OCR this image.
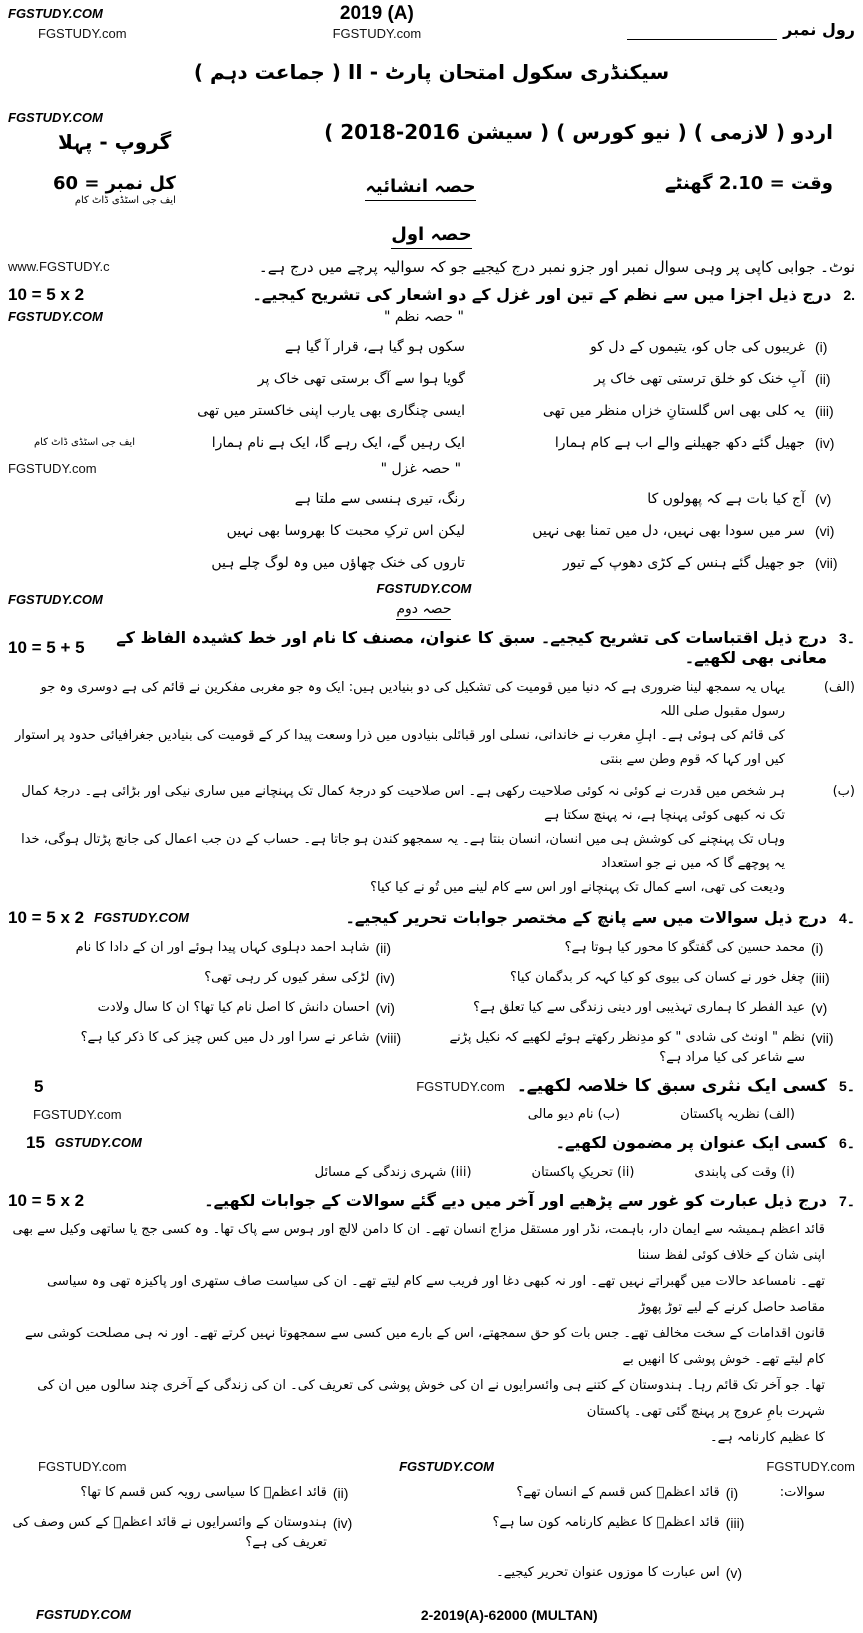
FGSTUDY.COM
FGSTUDY.com
2019 (A)
FGSTUDY.com	رول نمبر
سیکنڈری سکول امتحان پارٹ - II ( جماعت دہم )
FGSTUDY.COM
گروپ - پہلا	اردو ( لازمی ) ( نیو کورس ) ( سیشن 2016-2018 )
کل نمبر = 60
ایف جی اسٹڈی ڈاٹ کام
حصہ انشائیہ	وقت = 2.10 گھنٹے
حصہ اول
www.FGSTUDY.c	نوٹ۔ جوابی کاپی پر وہی سوال نمبر اور جزو نمبر درج کیجیے جو کہ سوالیہ پرچے میں درج ہے۔
2.
درج ذیل اجزا میں سے نظم کے تین اور غزل کے دو اشعار کی تشریح کیجیے۔
10 = 5 x 2
FGSTUDY.COM	" حصہ نظم "
(i)
غریبوں کی جاں کو، یتیموں کے دل کو
سکوں ہو گیا ہے، قرار آ گیا ہے
(ii)
آبِ خنک کو خلق ترستی تھی خاک پر
گویا ہوا سے آگ برستی تھی خاک پر
(iii)
یہ کلی بھی اس گلستانِ خزاں منظر میں تھی
ایسی چنگاری بھی یارب اپنی خاکستر میں تھی
(iv)
جھیل گئے دکھ جھیلنے والے اب ہے کام ہمارا
ایک رہیں گے، ایک رہے گا، ایک ہے نام ہمارا
ایف جی اسٹڈی ڈاٹ کام
FGSTUDY.com	" حصہ غزل "
(v)
آج کیا بات ہے کہ پھولوں کا
رنگ، تیری ہنسی سے ملتا ہے
(vi)
سر میں سودا بھی نہیں، دل میں تمنا بھی نہیں
لیکن اس ترکِ محبت کا بھروسا بھی نہیں
(vii)
جو جھیل گئے ہنس کے کڑی دھوپ کے تیور
تاروں کی خنک چھاؤں میں وہ لوگ چلے ہیں
FGSTUDY.COM
FGSTUDY.COM
حصہ دوم
3۔
درج ذیل اقتباسات کی تشریح کیجیے۔ سبق کا عنوان، مصنف کا نام اور خط کشیدہ الفاظ کے معانی بھی لکھیے۔
10 = 5 + 5
(الف)
یہاں یہ سمجھ لینا ضروری ہے کہ دنیا میں قومیت کی تشکیل کی دو بنیادیں ہیں: ایک وہ جو مغربی مفکرین نے قائم کی ہے دوسری وہ جو رسول مقبول صلی اللہ
کی قائم کی ہوئی ہے۔ اہلِ مغرب نے خاندانی، نسلی اور قبائلی بنیادوں میں ذرا وسعت پیدا کر کے قومیت کی بنیادیں جغرافیائی حدود پر استوار کیں اور کہا کہ قوم وطن سے بنتی
(ب)
ہر شخص میں قدرت نے کوئی نہ کوئی صلاحیت رکھی ہے۔ اس صلاحیت کو درجۂ کمال تک پہنچانے میں ساری نیکی اور بڑائی ہے۔ درجۂ کمال تک نہ کبھی کوئی پہنچا ہے، نہ پہنچ سکتا ہے
وہاں تک پہنچنے کی کوشش ہی میں انسان، انسان بنتا ہے۔ یہ سمجھو کندن ہو جاتا ہے۔ حساب کے دن جب اعمال کی جانچ پڑتال ہوگی، خدا یہ پوچھے گا کہ میں نے جو استعداد
ودیعت کی تھی، اسے کمال تک پہنچانے اور اس سے کام لینے میں تُو نے کیا کیا؟
4۔
درج ذیل سوالات میں سے پانچ کے مختصر جوابات تحریر کیجیے۔
10 = 5 x 2 FGSTUDY.COM
(i)
محمد حسین کی گفتگو کا محور کیا ہوتا ہے؟
(ii)
شاہد احمد دہلوی کہاں پیدا ہوئے اور ان کے دادا کا نام
(iii)
چغل خور نے کسان کی بیوی کو کیا کہہ کر بدگمان کیا؟
(iv)
لڑکی سفر کیوں کر رہی تھی؟
(v)
عید الفطر کا ہماری تہذیبی اور دینی زندگی سے کیا تعلق ہے؟
(vi)
احسان دانش کا اصل نام کیا تھا؟ ان کا سال ولادت
(vii)
نظم " اونٹ کی شادی " کو مدِنظر رکھتے ہوئے لکھیے کہ نکیل پڑنے سے شاعر کی کیا مراد ہے؟
(viii)
شاعر نے سرا اور دل میں کس چیز کی کا ذکر کیا ہے؟
5۔
کسی ایک نثری سبق کا خلاصہ لکھیے۔
FGSTUDY.com
5
FGSTUDY.com	(الف) نظریہ پاکستان
(ب) نام دیو مالی
6۔
کسی ایک عنوان پر مضمون لکھیے۔
15 GSTUDY.COM
(i) وقت کی پابندی
(ii) تحریکِ پاکستان
(iii) شہری زندگی کے مسائل
7۔
درج ذیل عبارت کو غور سے پڑھیے اور آخر میں دیے گئے سوالات کے جوابات لکھیے۔
10 = 5 x 2
قائد اعظم ہمیشہ سے ایمان دار، باہمت، نڈر اور مستقل مزاج انسان تھے۔ ان کا دامن لالچ اور ہوس سے پاک تھا۔ وہ کسی جج یا ساتھی وکیل سے بھی اپنی شان کے خلاف کوئی لفظ سننا
تھے۔ نامساعد حالات میں گھبراتے نہیں تھے۔ اور نہ کبھی دغا اور فریب سے کام لیتے تھے۔ ان کی سیاست صاف ستھری اور پاکیزہ تھی وہ سیاسی مقاصد حاصل کرنے کے لیے توڑ پھوڑ
قانون اقدامات کے سخت مخالف تھے۔ جس بات کو حق سمجھتے، اس کے بارے میں کسی سے سمجھوتا نہیں کرتے تھے۔ اور نہ ہی مصلحت کوشی سے کام لیتے تھے۔ خوش پوشی کا انھیں بے
تھا۔ جو آخر تک قائم رہا۔ ہندوستان کے کتنے ہی وائسرایوں نے ان کی خوش پوشی کی تعریف کی۔ ان کی زندگی کے آخری چند سالوں میں ان کی شہرت بامِ عروج پر پہنچ گئی تھی۔ پاکستان
کا عظیم کارنامہ ہے۔
FGSTUDY.com	FGSTUDY.COM	FGSTUDY.com
سوالات:
(i)
قائد اعظمؒ کس قسم کے انسان تھے؟
(ii)
قائد اعظمؒ کا سیاسی رویہ کس قسم کا تھا؟
(iii)
قائد اعظمؒ کا عظیم کارنامہ کون سا ہے؟
(iv)
ہندوستان کے وائسرایوں نے قائد اعظمؒ کے کس وصف کی تعریف کی ہے؟
(v)
اس عبارت کا موزوں عنوان تحریر کیجیے۔
FGSTUDY.COM	2-2019(A)-62000 (MULTAN)
